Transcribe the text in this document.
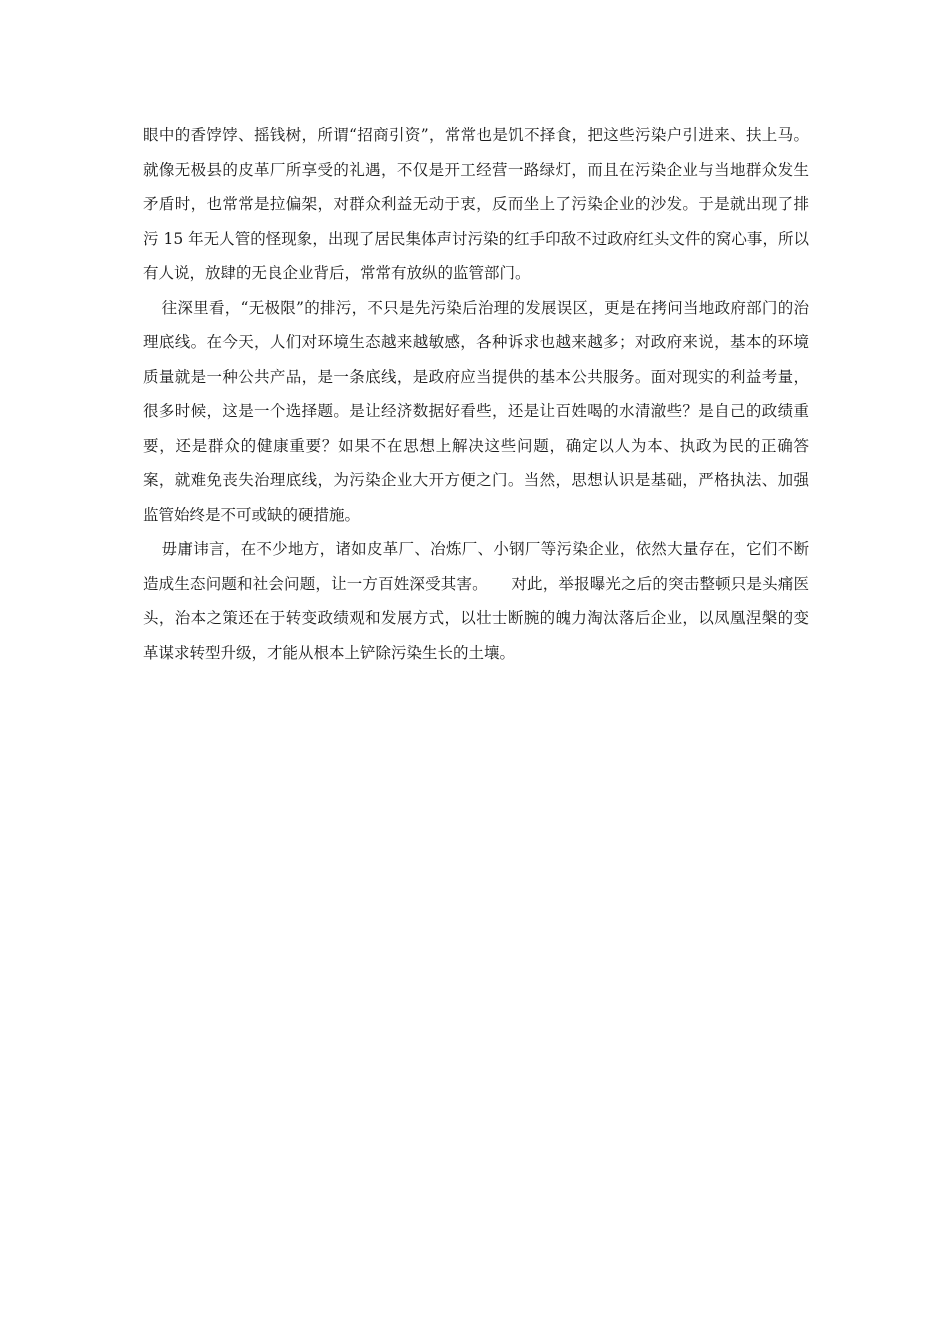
眼中的香饽饽、摇钱树，所谓“招商引资”，常常也是饥不择食，把这些污染户引进来、扶上马。就像无极县的皮革厂所享受的礼遇，不仅是开工经营一路绿灯，而且在污染企业与当地群众发生矛盾时，也常常是拉偏架，对群众利益无动于衷，反而坐上了污染企业的沙发。于是就出现了排污 15 年无人管的怪现象，出现了居民集体声讨污染的红手印敌不过政府红头文件的窝心事，所以有人说，放肆的无良企业背后，常常有放纵的监管部门。

往深里看，“无极限”的排污，不只是先污染后治理的发展误区，更是在拷问当地政府部门的治理底线。在今天，人们对环境生态越来越敏感，各种诉求也越来越多；对政府来说，基本的环境质量就是一种公共产品，是一条底线，是政府应当提供的基本公共服务。面对现实的利益考量，很多时候，这是一个选择题。是让经济数据好看些，还是让百姓喝的水清澈些？是自己的政绩重要，还是群众的健康重要？如果不在思想上解决这些问题，确定以人为本、执政为民的正确答案，就难免丧失治理底线，为污染企业大开方便之门。当然，思想认识是基础，严格执法、加强监管始终是不可或缺的硬措施。

毋庸讳言，在不少地方，诸如皮革厂、冶炼厂、小钢厂等污染企业，依然大量存在，它们不断造成生态问题和社会问题，让一方百姓深受其害。　　对此，举报曝光之后的突击整顿只是头痛医头，治本之策还在于转变政绩观和发展方式，以壮士断腕的魄力淘汰落后企业，以凤凰涅槃的变革谋求转型升级，才能从根本上铲除污染生长的土壤。
